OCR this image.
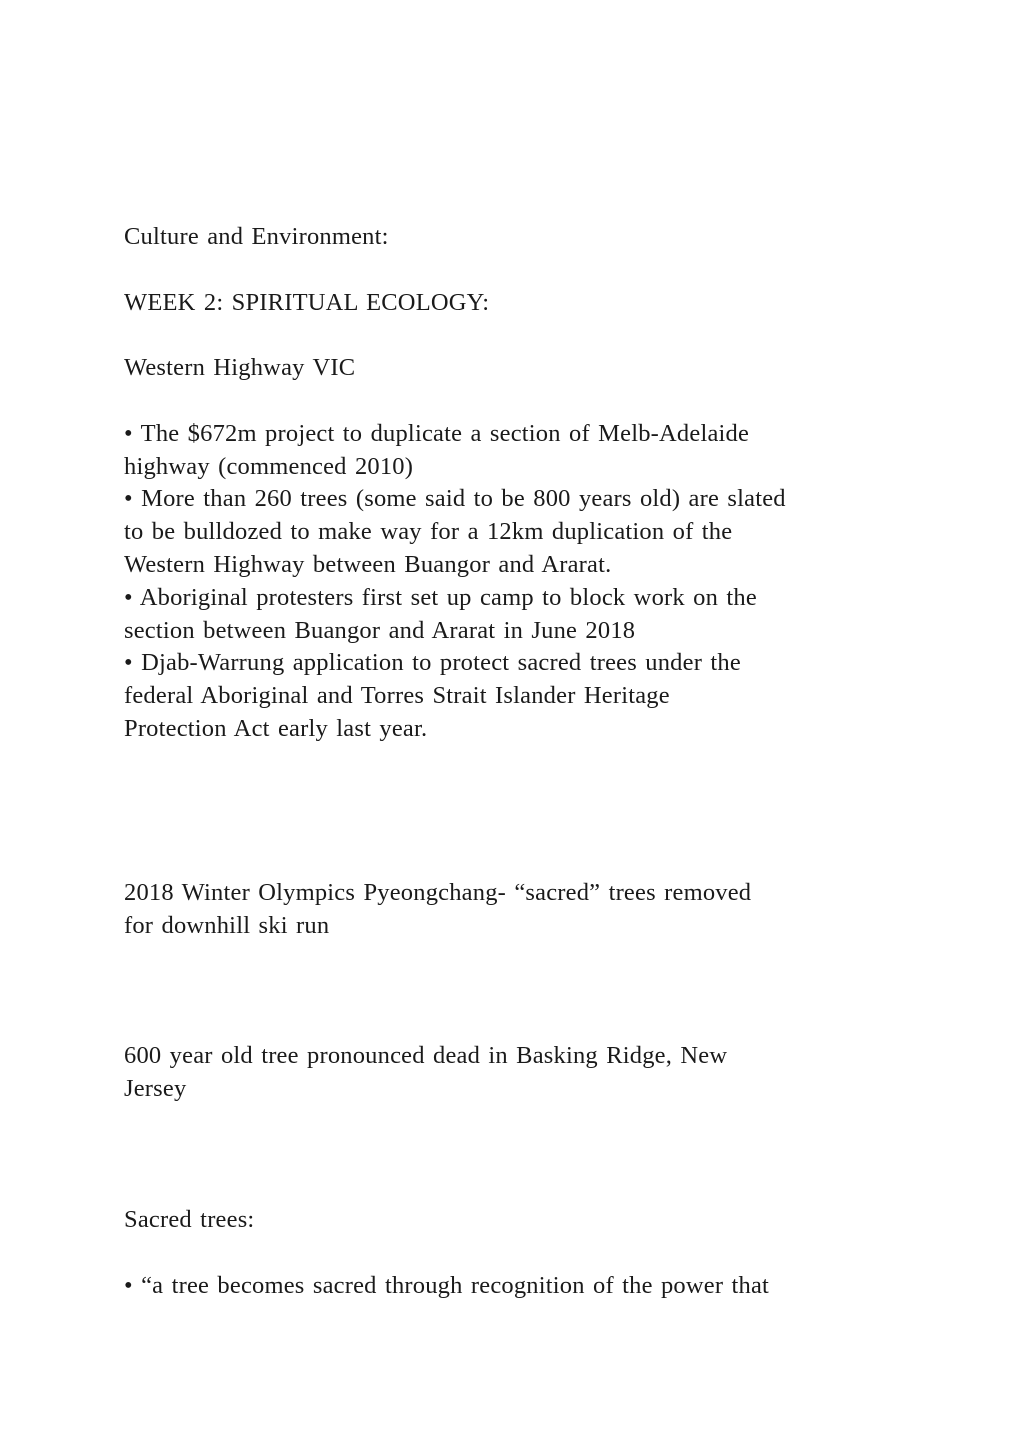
Culture and Environment:
WEEK 2: SPIRITUAL ECOLOGY:
Western Highway VIC
• The $672m project to duplicate a section of Melb-Adelaide
highway (commenced 2010)
• More than 260 trees (some said to be 800 years old) are slated
to be bulldozed to make way for a 12km duplication of the
Western Highway between Buangor and Ararat.
• Aboriginal protesters first set up camp to block work on the
section between Buangor and Ararat in June 2018
• Djab-Warrung application to protect sacred trees under the
federal Aboriginal and Torres Strait Islander Heritage
Protection Act early last year.
2018 Winter Olympics Pyeongchang- “sacred” trees removed
for downhill ski run
600 year old tree pronounced dead in Basking Ridge, New
Jersey
Sacred trees:
• “a tree becomes sacred through recognition of the power that
